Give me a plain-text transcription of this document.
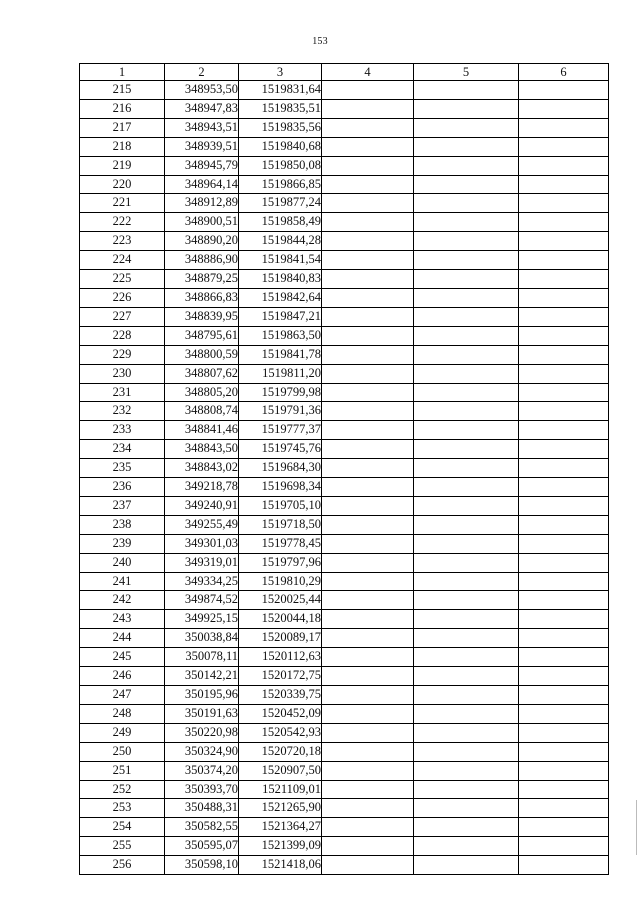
153
1	2	3	4	5	6
215	348953,50	1519831,64			
216	348947,83	1519835,51			
217	348943,51	1519835,56			
218	348939,51	1519840,68			
219	348945,79	1519850,08			
220	348964,14	1519866,85			
221	348912,89	1519877,24			
222	348900,51	1519858,49			
223	348890,20	1519844,28			
224	348886,90	1519841,54			
225	348879,25	1519840,83			
226	348866,83	1519842,64			
227	348839,95	1519847,21			
228	348795,61	1519863,50			
229	348800,59	1519841,78			
230	348807,62	1519811,20			
231	348805,20	1519799,98			
232	348808,74	1519791,36			
233	348841,46	1519777,37			
234	348843,50	1519745,76			
235	348843,02	1519684,30			
236	349218,78	1519698,34			
237	349240,91	1519705,10			
238	349255,49	1519718,50			
239	349301,03	1519778,45			
240	349319,01	1519797,96			
241	349334,25	1519810,29			
242	349874,52	1520025,44			
243	349925,15	1520044,18			
244	350038,84	1520089,17			
245	350078,11	1520112,63			
246	350142,21	1520172,75			
247	350195,96	1520339,75			
248	350191,63	1520452,09			
249	350220,98	1520542,93			
250	350324,90	1520720,18			
251	350374,20	1520907,50			
252	350393,70	1521109,01			
253	350488,31	1521265,90			
254	350582,55	1521364,27			
255	350595,07	1521399,09			
256	350598,10	1521418,06			
